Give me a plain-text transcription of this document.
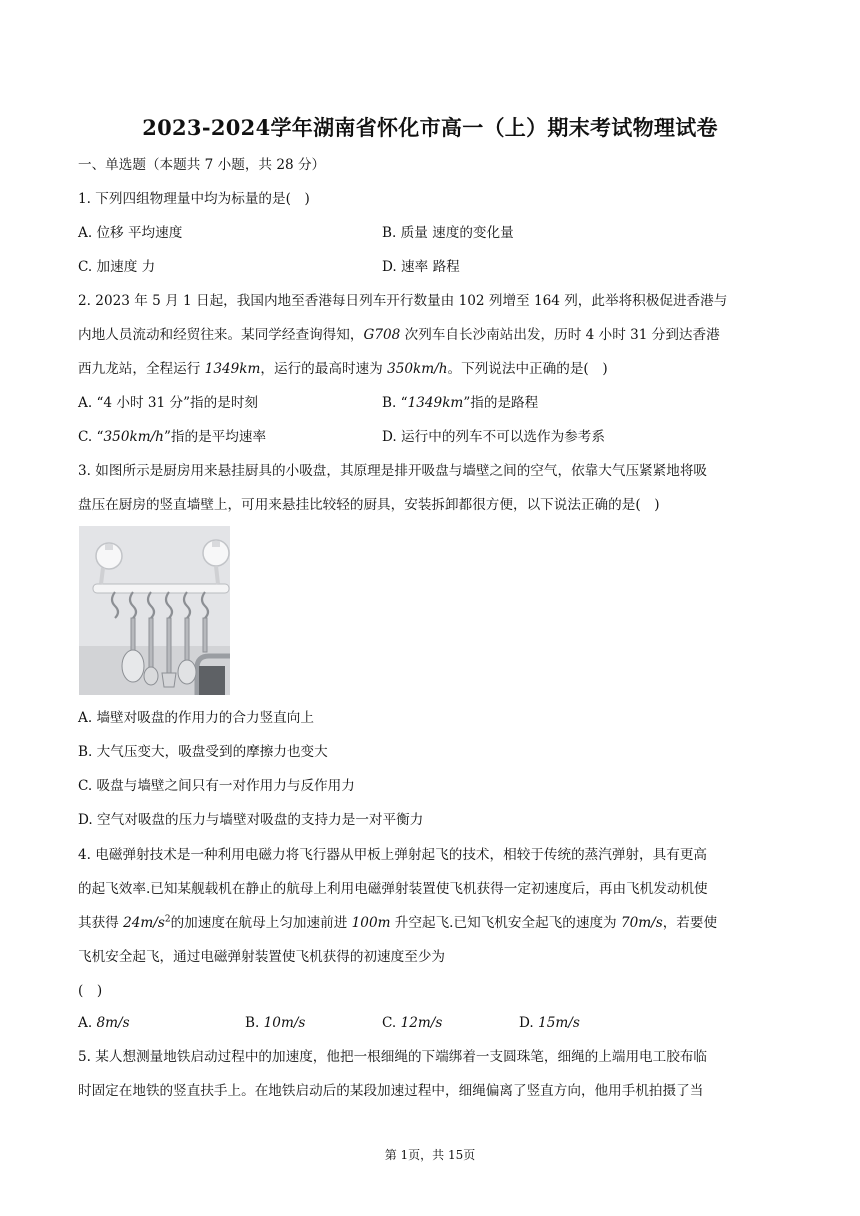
2023-2024学年湖南省怀化市高一（上）期末考试物理试卷
一、单选题（本题共 7 小题，共 28 分）
1. 下列四组物理量中均为标量的是(　)
A. 位移 平均速度	B. 质量 速度的变化量
C. 加速度 力	D. 速率 路程
2. 2023 年 5 月 1 日起，我国内地至香港每日列车开行数量由 102 列增至 164 列，此举将积极促进香港与
内地人员流动和经贸往来。某同学经查询得知，G708 次列车自长沙南站出发，历时 4 小时 31 分到达香港
西九龙站，全程运行 1349km，运行的最高时速为 350km/h。下列说法中正确的是(　)
A. “4 小时 31 分”指的是时刻	B. “1349km”指的是路程
C. “350km/h”指的是平均速率	D. 运行中的列车不可以选作为参考系
3. 如图所示是厨房用来悬挂厨具的小吸盘，其原理是排开吸盘与墙壁之间的空气，依靠大气压紧紧地将吸
盘压在厨房的竖直墙壁上，可用来悬挂比较轻的厨具，安装拆卸都很方便，以下说法正确的是(　)
A. 墙壁对吸盘的作用力的合力竖直向上
B. 大气压变大，吸盘受到的摩擦力也变大
C. 吸盘与墙壁之间只有一对作用力与反作用力
D. 空气对吸盘的压力与墙壁对吸盘的支持力是一对平衡力
4. 电磁弹射技术是一种利用电磁力将飞行器从甲板上弹射起飞的技术，相较于传统的蒸汽弹射，具有更高
的起飞效率.已知某舰载机在静止的航母上利用电磁弹射装置使飞机获得一定初速度后，再由飞机发动机使
其获得 $24m/s^2$的加速度在航母上匀加速前进 100m 升空起飞.已知飞机安全起飞的速度为 70m/s，若要使
飞机安全起飞，通过电磁弹射装置使飞机获得的初速度至少为
(　)
A. 8m/s	B. 10m/s	C. 12m/s	D. 15m/s
5. 某人想测量地铁启动过程中的加速度，他把一根细绳的下端绑着一支圆珠笔，细绳的上端用电工胶布临
时固定在地铁的竖直扶手上。在地铁启动后的某段加速过程中，细绳偏离了竖直方向，他用手机拍摄了当
第 1页，共 15页
